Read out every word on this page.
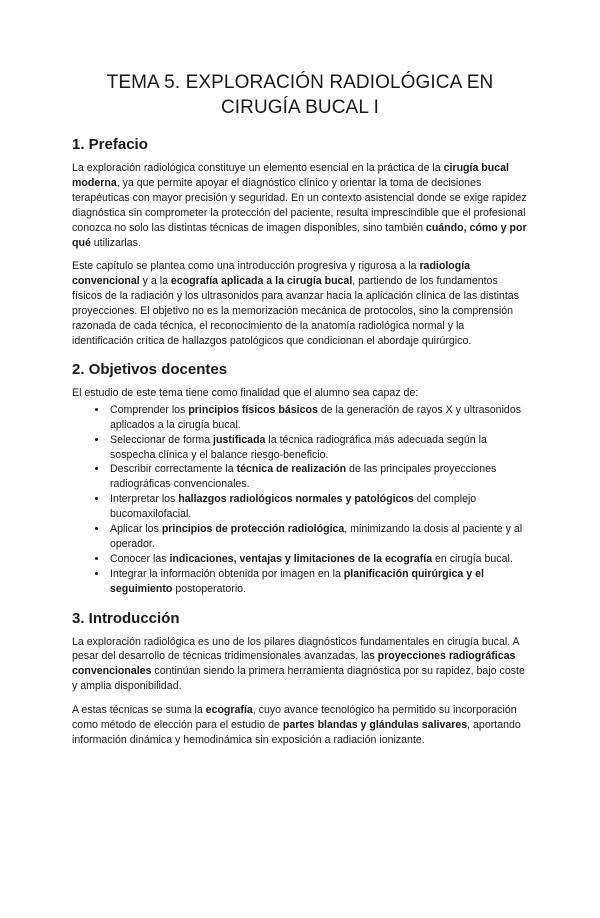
TEMA 5. EXPLORACIÓN RADIOLÓGICA EN CIRUGÍA BUCAL I
1. Prefacio

La exploración radiológica constituye un elemento esencial en la práctica de la cirugía bucal moderna, ya que permite apoyar el diagnóstico clínico y orientar la toma de decisiones terapéuticas con mayor precisión y seguridad. En un contexto asistencial donde se exige rapidez diagnóstica sin comprometer la protección del paciente, resulta imprescindible que el profesional conozca no solo las distintas técnicas de imagen disponibles, sino también cuándo, cómo y por qué utilizarlas.

Este capítulo se plantea como una introducción progresiva y rigurosa a la radiología convencional y a la ecografía aplicada a la cirugía bucal, partiendo de los fundamentos físicos de la radiación y los ultrasonidos para avanzar hacia la aplicación clínica de las distintas proyecciones. El objetivo no es la memorización mecánica de protocolos, sino la comprensión razonada de cada técnica, el reconocimiento de la anatomía radiológica normal y la identificación crítica de hallazgos patológicos que condicionan el abordaje quirúrgico.

2. Objetivos docentes

El estudio de este tema tiene como finalidad que el alumno sea capaz de:

• Comprender los principios físicos básicos de la generación de rayos X y ultrasonidos aplicados a la cirugía bucal.
• Seleccionar de forma justificada la técnica radiográfica más adecuada según la sospecha clínica y el balance riesgo-beneficio.
• Describir correctamente la técnica de realización de las principales proyecciones radiográficas convencionales.
• Interpretar los hallazgos radiológicos normales y patológicos del complejo bucomaxilofacial.
• Aplicar los principios de protección radiológica, minimizando la dosis al paciente y al operador.
• Conocer las indicaciones, ventajas y limitaciones de la ecografía en cirugía bucal.
• Integrar la información obtenida por imagen en la planificación quirúrgica y el seguimiento postoperatorio.
3. Introducción

La exploración radiológica es uno de los pilares diagnósticos fundamentales en cirugía bucal. A pesar del desarrollo de técnicas tridimensionales avanzadas, las proyecciones radiográficas convencionales continúan siendo la primera herramienta diagnóstica por su rapidez, bajo coste y amplia disponibilidad.

A estas técnicas se suma la ecografía, cuyo avance tecnológico ha permitido su incorporación como método de elección para el estudio de partes blandas y glándulas salivares, aportando información dinámica y hemodinámica sin exposición a radiación ionizante.
